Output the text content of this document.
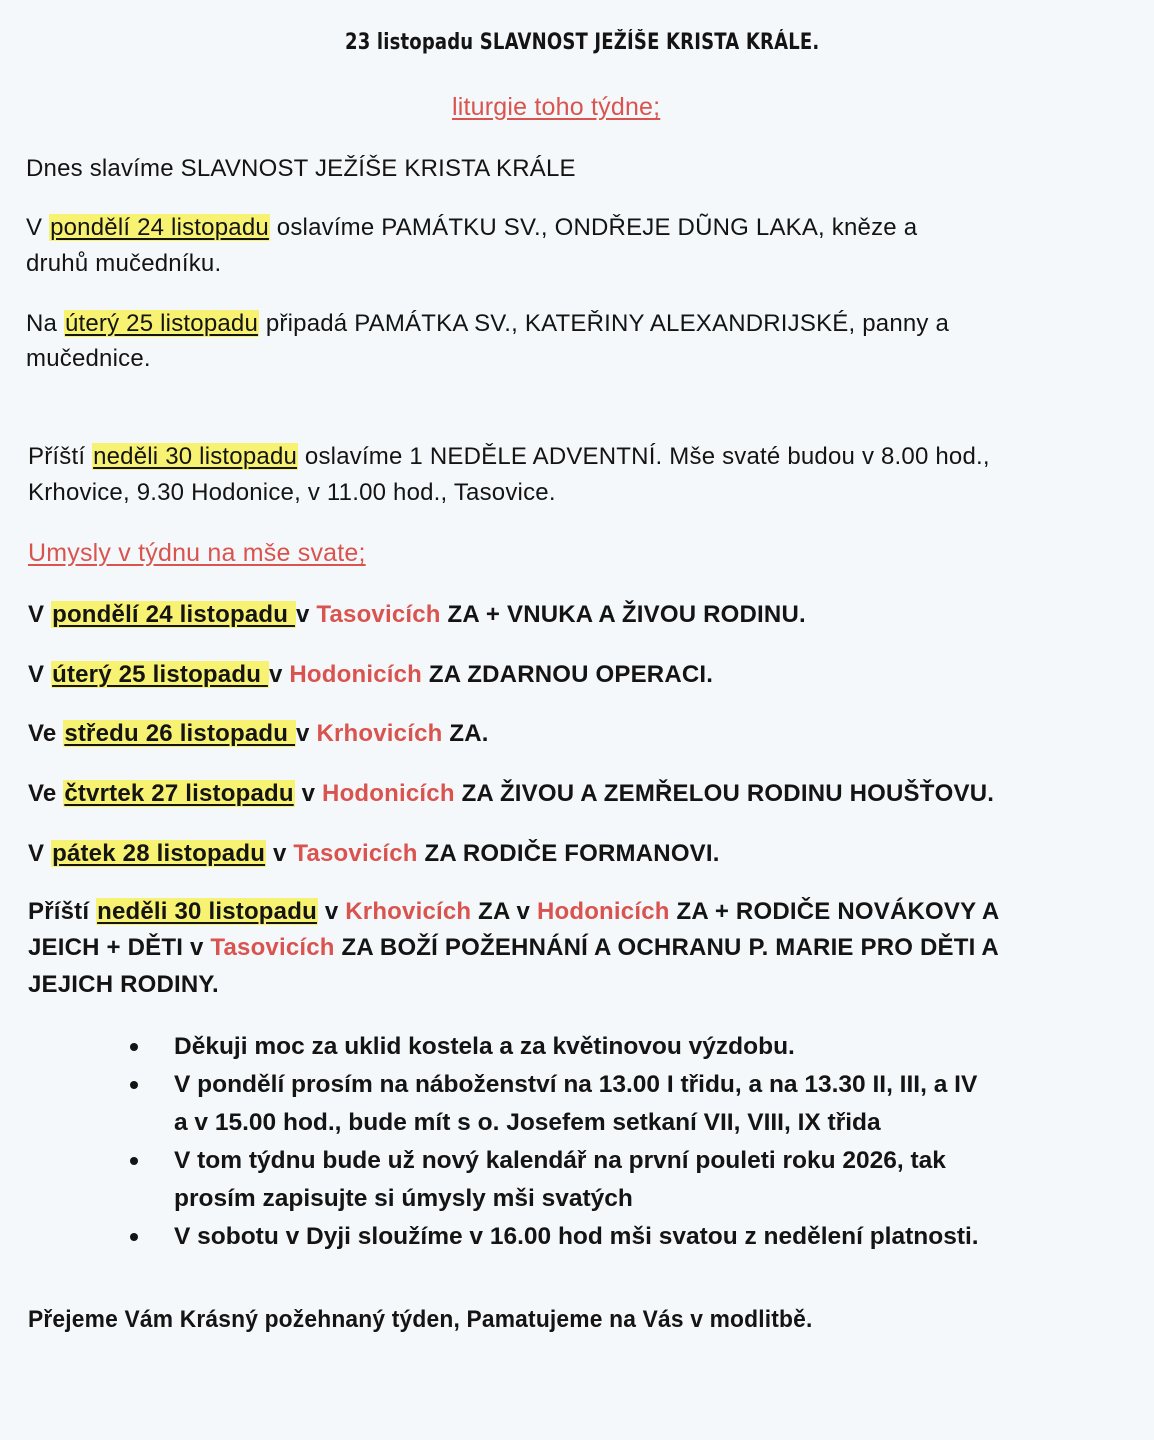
23 listopadu SLAVNOST JEŽÍŠE KRISTA KRÁLE.
liturgie toho týdne;
Dnes slavíme SLAVNOST JEŽÍŠE KRISTA KRÁLE
V pondělí 24 listopadu oslavíme PAMÁTKU SV., ONDŘEJE DŨNG LAKA, kněze a
druhů mučedníku.
Na úterý 25 listopadu připadá PAMÁTKA SV., KATEŘINY ALEXANDRIJSKÉ, panny a
mučednice.
Příští neděli 30 listopadu oslavíme 1 NEDĚLE ADVENTNÍ. Mše svaté budou v 8.00 hod.,
Krhovice, 9.30 Hodonice, v 11.00 hod., Tasovice.
Umysly v týdnu na mše svate;
V pondělí 24 listopadu v Tasovicích ZA + VNUKA A ŽIVOU RODINU.
V úterý 25 listopadu v Hodonicích ZA ZDARNOU OPERACI.
Ve středu 26 listopadu v Krhovicích ZA.
Ve čtvrtek 27 listopadu v Hodonicích ZA ŽIVOU A ZEMŘELOU RODINU HOUŠŤOVU.
V pátek 28 listopadu v Tasovicích ZA RODIČE FORMANOVI.
Příští neděli 30 listopadu v Krhovicích ZA v Hodonicích ZA + RODIČE NOVÁKOVY A
JEICH + DĚTI v Tasovicích ZA BOŽÍ POŽEHNÁNÍ A OCHRANU P. MARIE PRO DĚTI A
JEJICH RODINY.
Děkuji moc za uklid kostela a za květinovou výzdobu.
V pondělí prosím na náboženství na 13.00 I třidu, a na 13.30 II, III, a IV
a v 15.00 hod., bude mít s o. Josefem setkaní VII, VIII, IX třida
V tom týdnu bude už nový kalendář na první pouleti roku 2026, tak
prosím zapisujte si úmysly mši svatých
V sobotu v Dyji sloužíme v 16.00 hod mši svatou z nedělení platnosti.
Přejeme Vám Krásný požehnaný týden, Pamatujeme na Vás v modlitbě.
